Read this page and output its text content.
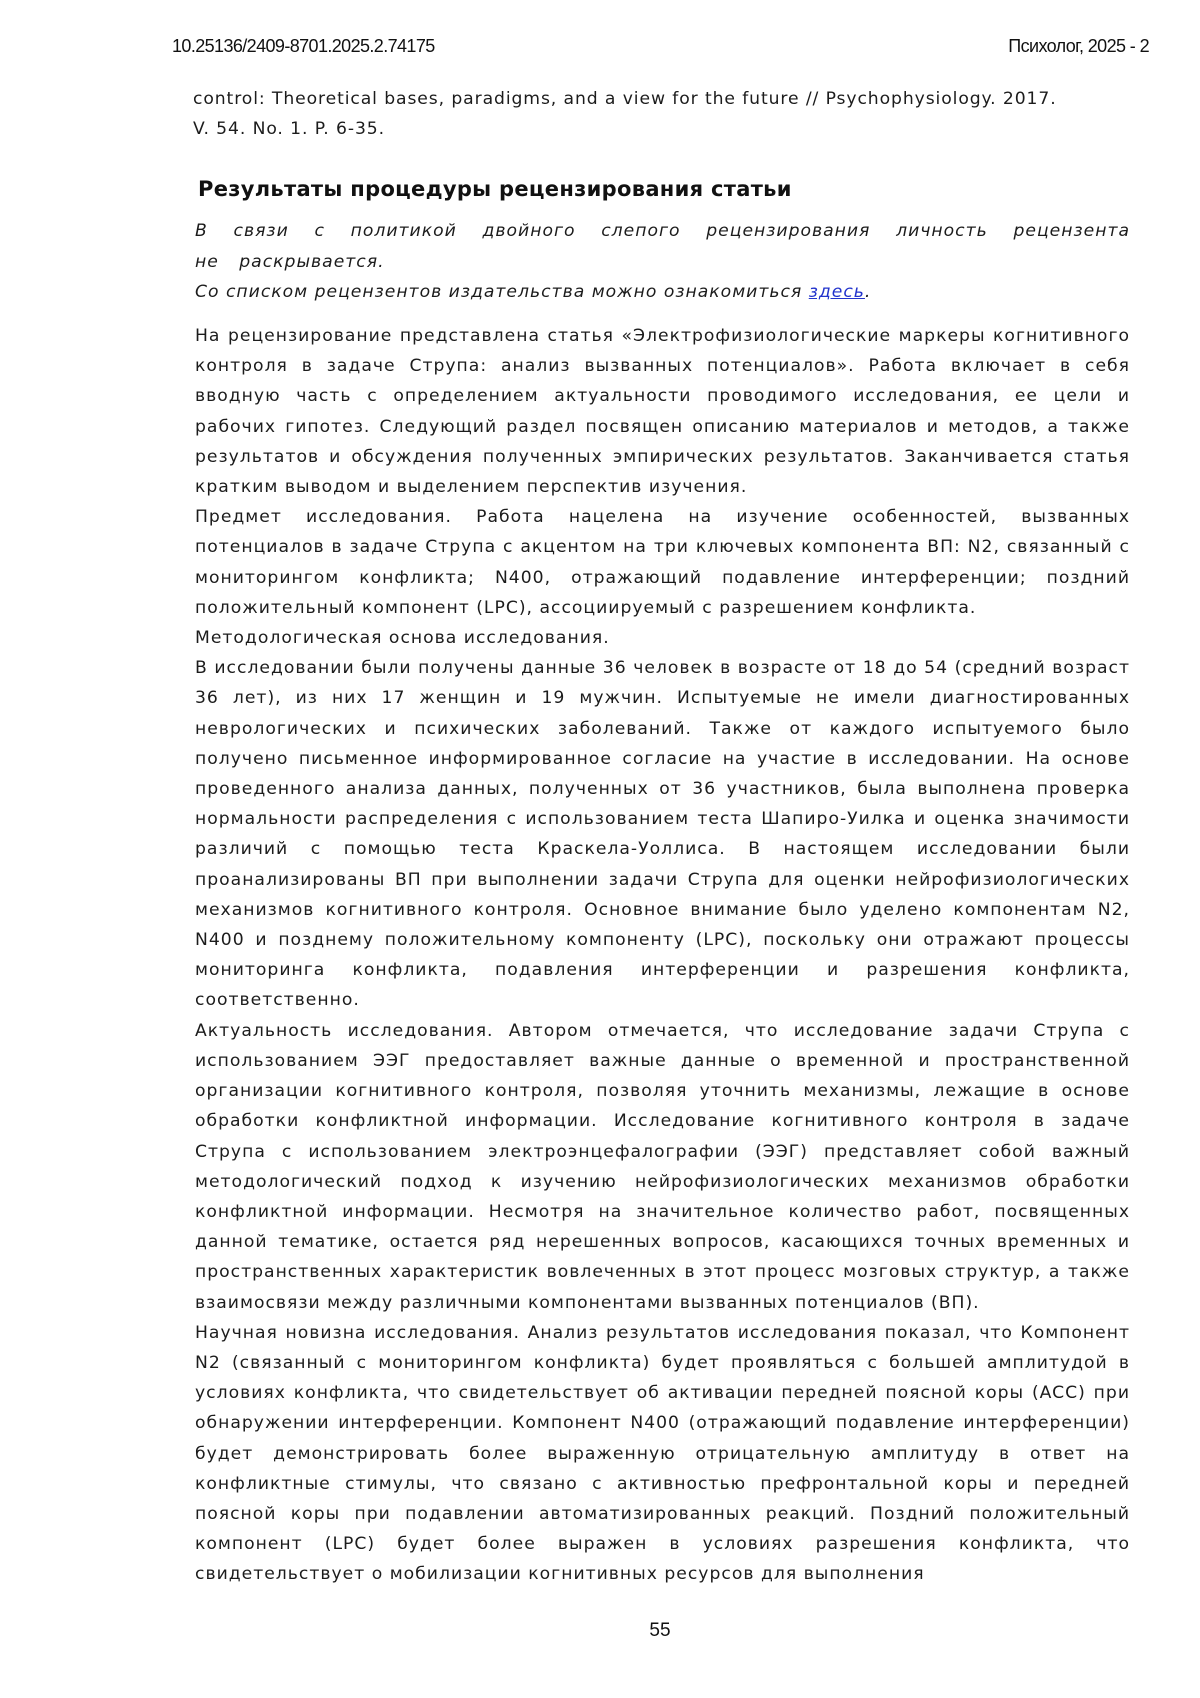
10.25136/2409-8701.2025.2.74175	Психолог, 2025 - 2
control: Theoretical bases, paradigms, and a view for the future // Psychophysiology. 2017.
V. 54. No. 1. P. 6-35.
Результаты процедуры рецензирования статьи

В связи с политикой двойного слепого рецензирования личность рецензента не раскрывается.

Со списком рецензентов издательства можно ознакомиться здесь.

На рецензирование представлена статья «Электрофизиологические маркеры когнитивного контроля в задаче Струпа: анализ вызванных потенциалов». Работа включает в себя вводную часть с определением актуальности проводимого исследования, ее цели и рабочих гипотез. Следующий раздел посвящен описанию материалов и методов, а также результатов и обсуждения полученных эмпирических результатов. Заканчивается статья кратким выводом и выделением перспектив изучения.

Предмет исследования. Работа нацелена на изучение особенностей, вызванных потенциалов в задаче Струпа с акцентом на три ключевых компонента ВП: N2, связанный с мониторингом конфликта; N400, отражающий подавление интерференции; поздний положительный компонент (LPC), ассоциируемый с разрешением конфликта.

Методологическая основа исследования.

В исследовании были получены данные 36 человек в возрасте от 18 до 54 (средний возраст 36 лет), из них 17 женщин и 19 мужчин. Испытуемые не имели диагностированных неврологических и психических заболеваний. Также от каждого испытуемого было получено письменное информированное согласие на участие в исследовании. На основе проведенного анализа данных, полученных от 36 участников, была выполнена проверка нормальности распределения с использованием теста Шапиро-Уилка и оценка значимости различий с помощью теста Краскела-Уоллиса. В настоящем исследовании были проанализированы ВП при выполнении задачи Струпа для оценки нейрофизиологических механизмов когнитивного контроля. Основное внимание было уделено компонентам N2, N400 и позднему положительному компоненту (LPC), поскольку они отражают процессы мониторинга конфликта, подавления интерференции и разрешения конфликта, соответственно.

Актуальность исследования. Автором отмечается, что исследование задачи Струпа с использованием ЭЭГ предоставляет важные данные о временной и пространственной организации когнитивного контроля, позволяя уточнить механизмы, лежащие в основе обработки конфликтной информации. Исследование когнитивного контроля в задаче Струпа с использованием электроэнцефалографии (ЭЭГ) представляет собой важный методологический подход к изучению нейрофизиологических механизмов обработки конфликтной информации. Несмотря на значительное количество работ, посвященных данной тематике, остается ряд нерешенных вопросов, касающихся точных временных и пространственных характеристик вовлеченных в этот процесс мозговых структур, а также взаимосвязи между различными компонентами вызванных потенциалов (ВП).

Научная новизна исследования. Анализ результатов исследования показал, что Компонент N2 (связанный с мониторингом конфликта) будет проявляться с большей амплитудой в условиях конфликта, что свидетельствует об активации передней поясной коры (ACC) при обнаружении интерференции. Компонент N400 (отражающий подавление интерференции) будет демонстрировать более выраженную отрицательную амплитуду в ответ на конфликтные стимулы, что связано с активностью префронтальной коры и передней поясной коры при подавлении автоматизированных реакций. Поздний положительный компонент (LPC) будет более выражен в условиях разрешения конфликта, что свидетельствует о мобилизации когнитивных ресурсов для выполнения

55
